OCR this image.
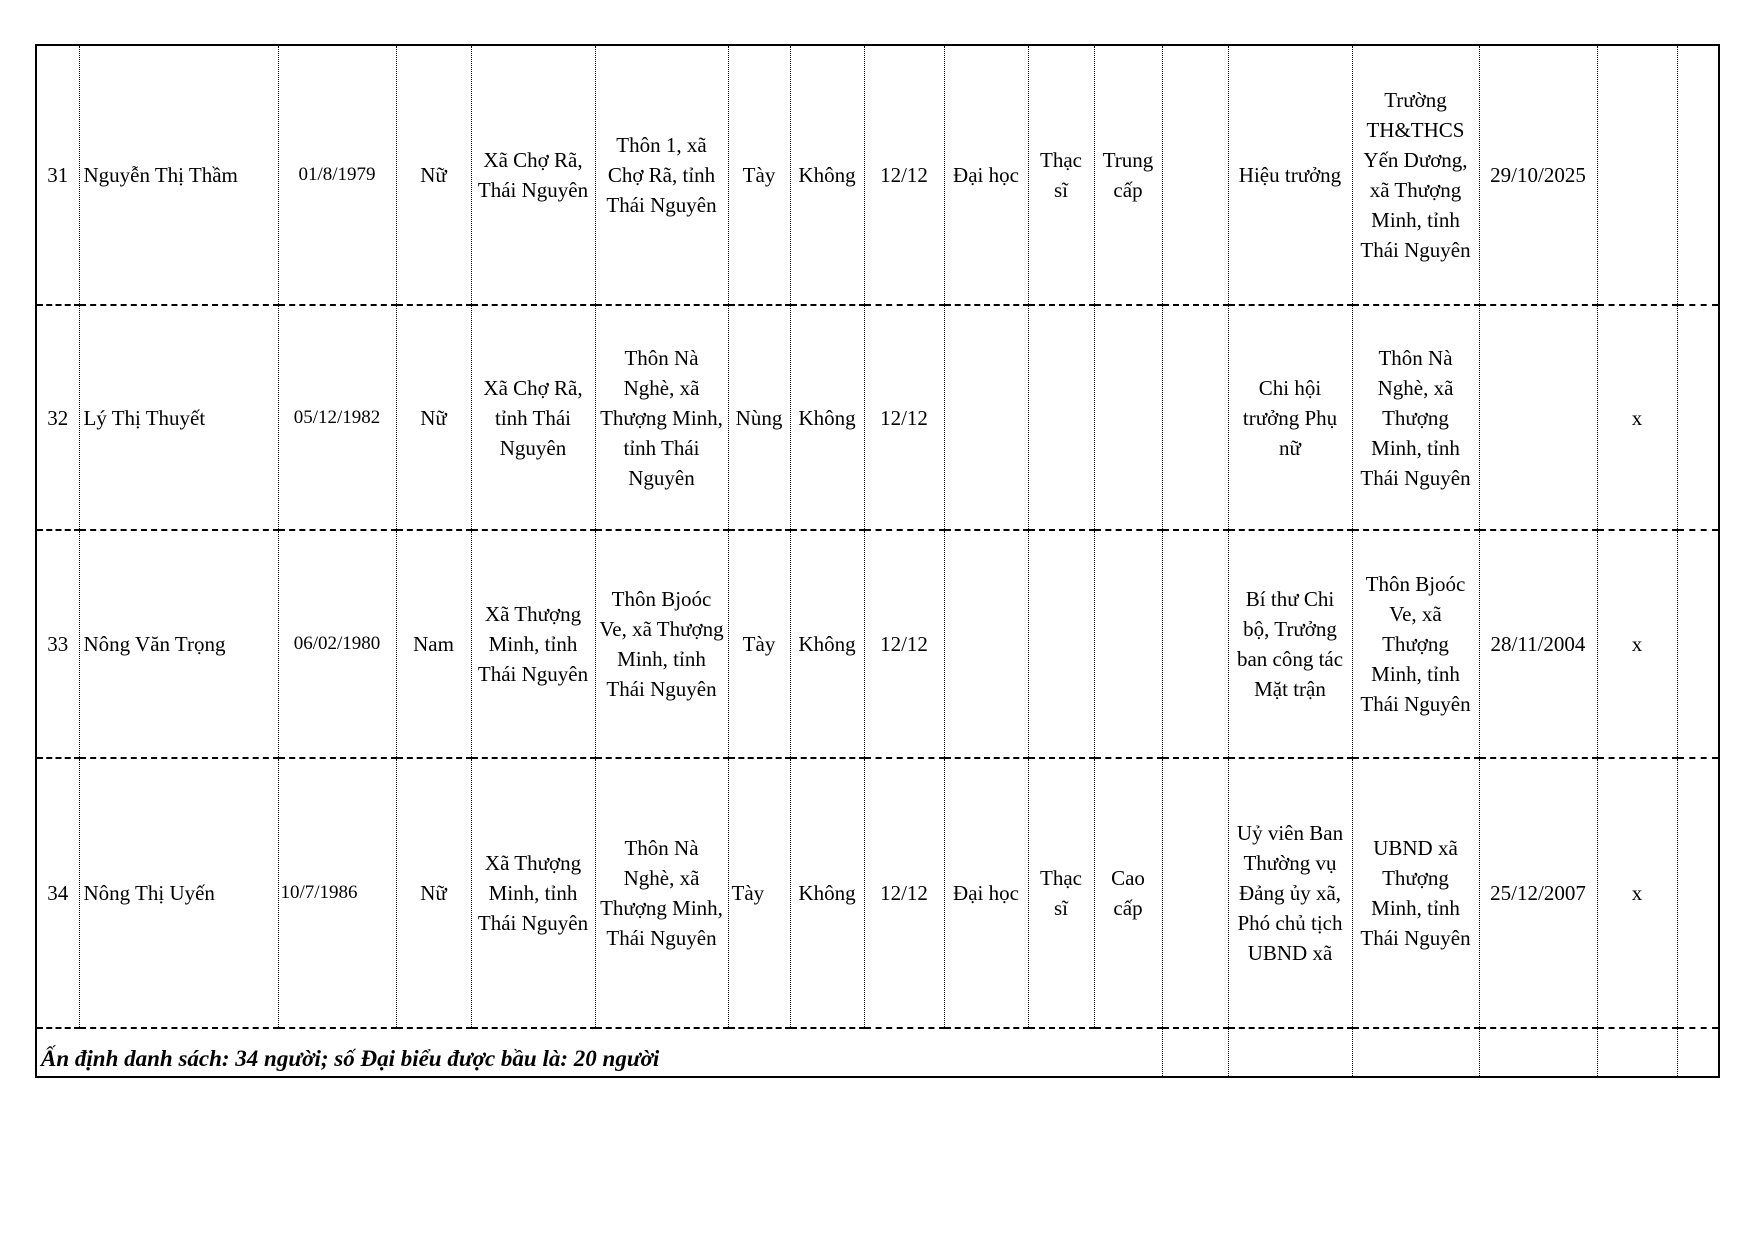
31	Nguyễn Thị Thầm	01/8/1979	Nữ	Xã Chợ Rã, Thái Nguyên	Thôn 1, xã Chợ Rã, tỉnh Thái Nguyên	Tày	Không	12/12	Đại học	Thạc sĩ	Trung cấp		Hiệu trưởng	Trường TH&THCS Yến Dương, xã Thượng Minh, tỉnh Thái Nguyên	29/10/2025		
32	Lý Thị Thuyết	05/12/1982	Nữ	Xã Chợ Rã, tỉnh Thái Nguyên	Thôn Nà Nghè, xã Thượng Minh, tỉnh Thái Nguyên	Nùng	Không	12/12					Chi hội trưởng Phụ nữ	Thôn Nà Nghè, xã Thượng Minh, tỉnh Thái Nguyên		x	
33	Nông Văn Trọng	06/02/1980	Nam	Xã Thượng Minh, tỉnh Thái Nguyên	Thôn Bjoóc Ve, xã Thượng Minh, tỉnh Thái Nguyên	Tày	Không	12/12					Bí thư Chi bộ, Trưởng ban công tác Mặt trận	Thôn Bjoóc Ve, xã Thượng Minh, tỉnh Thái Nguyên	28/11/2004	x	
34	Nông Thị Uyến	10/7/1986	Nữ	Xã Thượng Minh, tỉnh Thái Nguyên	Thôn Nà Nghè, xã Thượng Minh, Thái Nguyên	Tày	Không	12/12	Đại học	Thạc sĩ	Cao cấp		Uỷ viên Ban Thường vụ Đảng ủy xã, Phó chủ tịch UBND xã	UBND xã Thượng Minh, tỉnh Thái Nguyên	25/12/2007	x	
Ấn định danh sách: 34 người; số Đại biểu được bầu là: 20 người																	
